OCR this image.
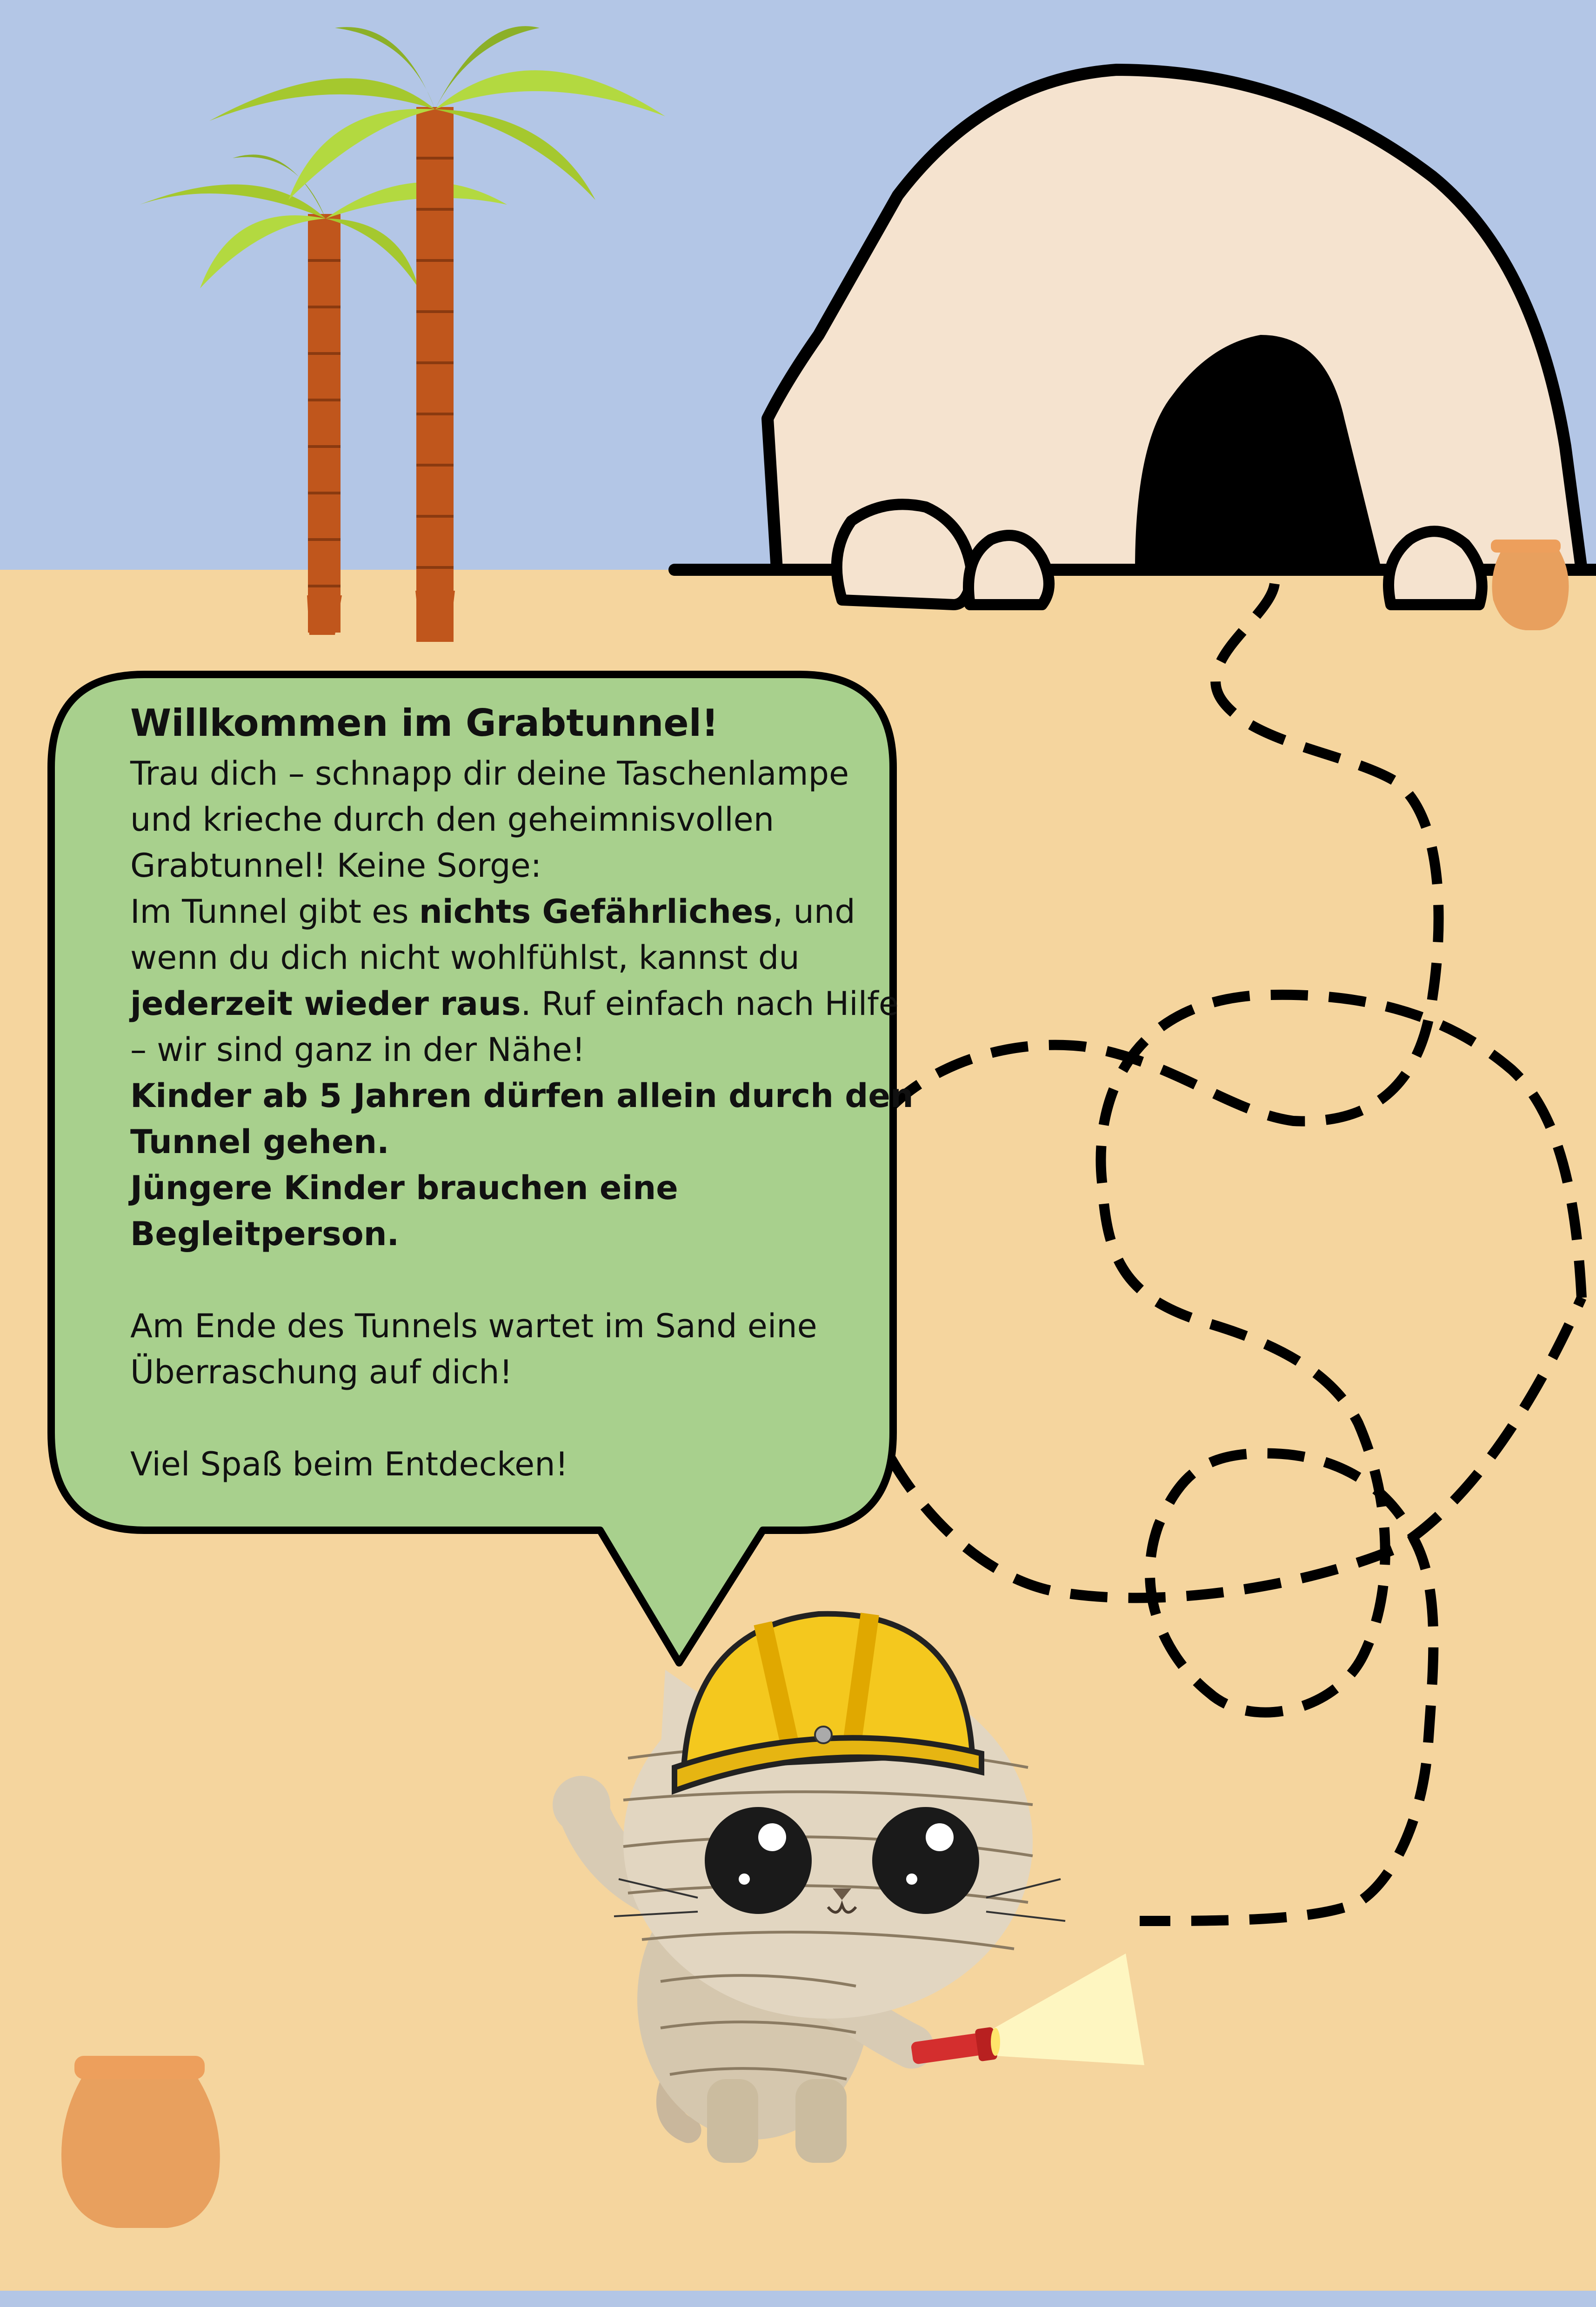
Willkommen im Grabtunnel!
Trau dich – schnapp dir deine Taschenlampe
und krieche durch den geheimnisvollen
Grabtunnel! Keine Sorge:
Im Tunnel gibt es nichts Gefährliches, und
wenn du dich nicht wohlfühlst, kannst du
jederzeit wieder raus. Ruf einfach nach Hilfe
– wir sind ganz in der Nähe!
Kinder ab 5 Jahren dürfen allein durch den
Tunnel gehen.
Jüngere Kinder brauchen eine
Begleitperson.
Am Ende des Tunnels wartet im Sand eine
Überraschung auf dich!
Viel Spaß beim Entdecken!
